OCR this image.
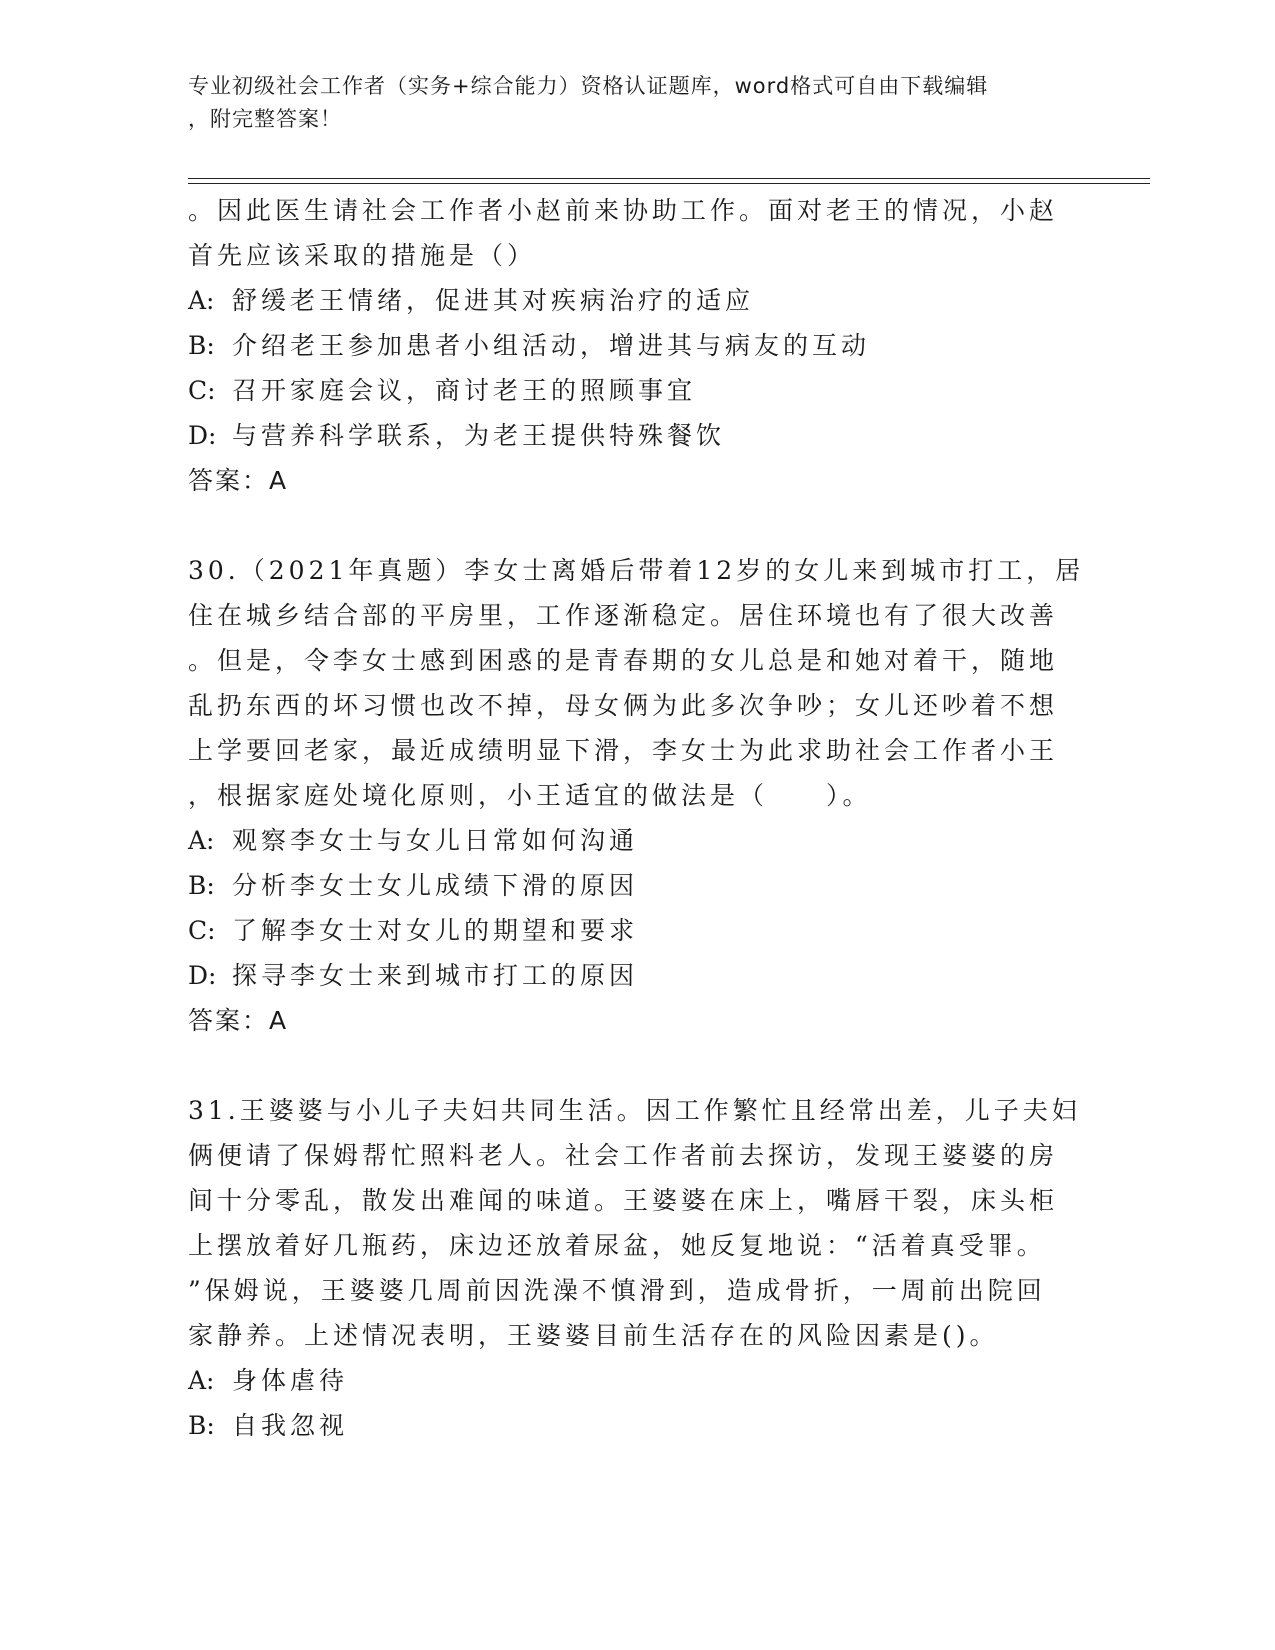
专业初级社会工作者（实务+综合能力）资格认证题库，word格式可自由下载编辑
，附完整答案！

。因此医生请社会工作者小赵前来协助工作。面对老王的情况，小赵

首先应该采取的措施是（）

A: 舒缓老王情绪，促进其对疾病治疗的适应

B: 介绍老王参加患者小组活动，增进其与病友的互动

C: 召开家庭会议，商讨老王的照顾事宜

D: 与营养科学联系，为老王提供特殊餐饮

答案：A

30.（2021年真题）李女士离婚后带着12岁的女儿来到城市打工，居

住在城乡结合部的平房里，工作逐渐稳定。居住环境也有了很大改善

。但是，令李女士感到困惑的是青春期的女儿总是和她对着干，随地

乱扔东西的坏习惯也改不掉，母女俩为此多次争吵；女儿还吵着不想

上学要回老家，最近成绩明显下滑，李女士为此求助社会工作者小王

，根据家庭处境化原则，小王适宜的做法是（　　）。

A: 观察李女士与女儿日常如何沟通

B: 分析李女士女儿成绩下滑的原因

C: 了解李女士对女儿的期望和要求

D: 探寻李女士来到城市打工的原因

答案：A

31.王婆婆与小儿子夫妇共同生活。因工作繁忙且经常出差，儿子夫妇

俩便请了保姆帮忙照料老人。社会工作者前去探访，发现王婆婆的房

间十分零乱，散发出难闻的味道。王婆婆在床上，嘴唇干裂，床头柜

上摆放着好几瓶药，床边还放着尿盆，她反复地说：“活着真受罪。

”保姆说，王婆婆几周前因洗澡不慎滑到，造成骨折，一周前出院回

家静养。上述情况表明，王婆婆目前生活存在的风险因素是()。

A: 身体虐待

B: 自我忽视
